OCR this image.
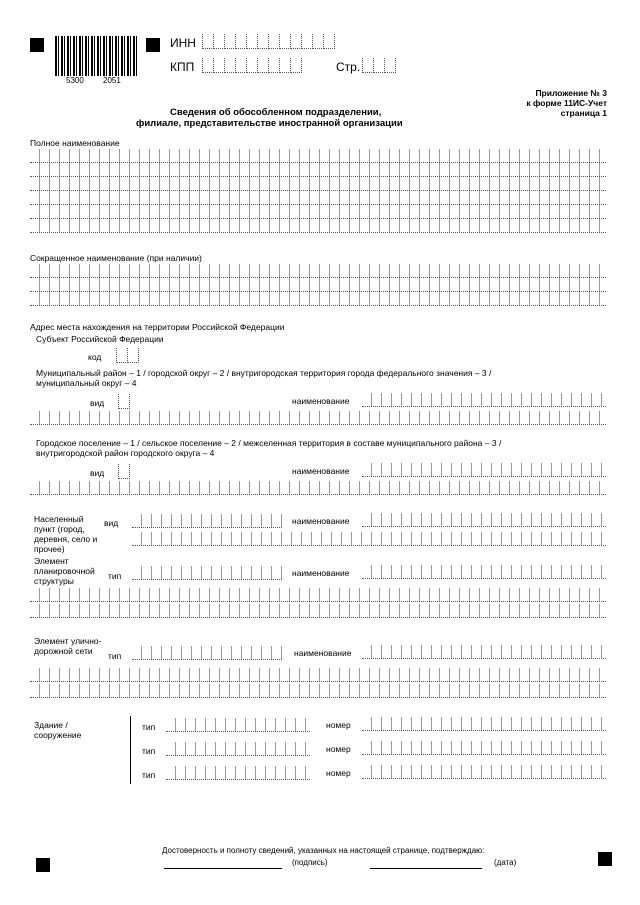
5300 2051
ИНН
КПП	Стр.
Приложение № 3
к форме 11ИС-Учет
страница 1
Сведения об обособленном подразделении,
филиале, представительстве иностранной организации
Полное наименование
Сокращенное наименование (при наличии)
Адрес места нахождения на территории Российской Федерации
Субъект Российской Федерации
код
Муниципальный район – 1 / городской округ – 2 / внутригородская территория города федерального значения – 3 / муниципальный округ – 4
вид	наименование
Городское поселение – 1 / сельское поселение – 2 / межселенная территория в составе муниципального района – 3 / внутригородской район городского округа – 4
вид	наименование
Населенный пункт (город, деревня, село и прочее)
вид	наименование
Элемент планировочной структуры	тип	наименование
Элемент улично-дорожной сети	тип	наименование
Здание / сооружение
тип	номер
тип	номер
тип	номер
Достоверность и полноту сведений, указанных на настоящей странице, подтверждаю:
(подпись)	(дата)
